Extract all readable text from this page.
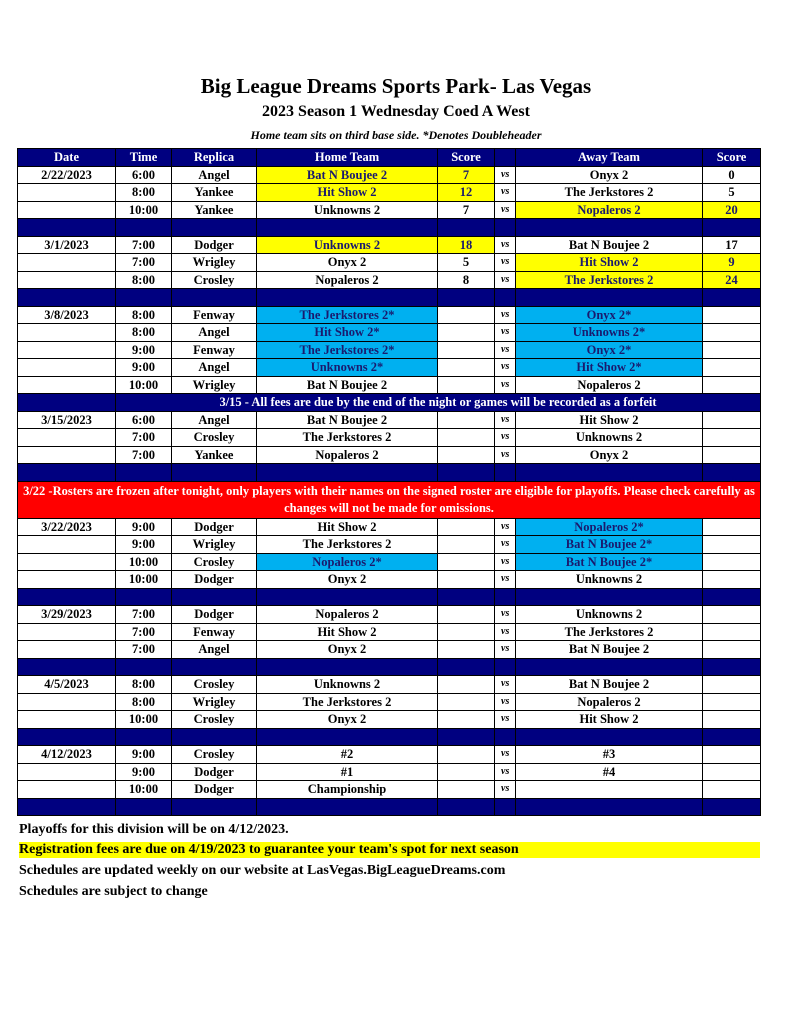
Big League Dreams Sports Park- Las Vegas
2023 Season 1 Wednesday Coed A West
Home team sits on third base side. *Denotes Doubleheader
Date	Time	Replica	Home Team	Score		Away Team	Score
2/22/2023	6:00	Angel	Bat N Boujee 2	7	vs	Onyx 2	0
	8:00	Yankee	Hit Show 2	12	vs	The Jerkstores 2	5
	10:00	Yankee	Unknowns 2	7	vs	Nopaleros 2	20

3/1/2023	7:00	Dodger	Unknowns 2	18	vs	Bat N Boujee 2	17
	7:00	Wrigley	Onyx 2	5	vs	Hit Show 2	9
	8:00	Crosley	Nopaleros 2	8	vs	The Jerkstores 2	24

3/8/2023	8:00	Fenway	The Jerkstores 2*		vs	Onyx 2*	
	8:00	Angel	Hit Show 2*		vs	Unknowns 2*	
	9:00	Fenway	The Jerkstores 2*		vs	Onyx 2*	
	9:00	Angel	Unknowns 2*		vs	Hit Show 2*	
	10:00	Wrigley	Bat N Boujee 2		vs	Nopaleros 2	
	3/15 - All fees are due by the end of the night or games will be recorded as a forfeit						
3/15/2023	6:00	Angel	Bat N Boujee 2		vs	Hit Show 2	
	7:00	Crosley	The Jerkstores 2		vs	Unknowns 2	
	7:00	Yankee	Nopaleros 2		vs	Onyx 2	

3/22 -Rosters are frozen after tonight, only players with their names on the signed roster are eligible for playoffs. Please check carefully as changes will not be made for omissions.							
3/22/2023	9:00	Dodger	Hit Show 2		vs	Nopaleros 2*	
	9:00	Wrigley	The Jerkstores 2		vs	Bat N Boujee 2*	
	10:00	Crosley	Nopaleros 2*		vs	Bat N Boujee 2*	
	10:00	Dodger	Onyx 2		vs	Unknowns 2	

3/29/2023	7:00	Dodger	Nopaleros 2		vs	Unknowns 2	
	7:00	Fenway	Hit Show 2		vs	The Jerkstores 2	
	7:00	Angel	Onyx 2		vs	Bat N Boujee 2	

4/5/2023	8:00	Crosley	Unknowns 2		vs	Bat N Boujee 2	
	8:00	Wrigley	The Jerkstores 2		vs	Nopaleros 2	
	10:00	Crosley	Onyx 2		vs	Hit Show 2	

4/12/2023	9:00	Crosley	#2		vs	#3	
	9:00	Dodger	#1		vs	#4	
	10:00	Dodger	Championship		vs		

Playoffs for this division will be on 4/12/2023.
Registration fees are due on 4/19/2023 to guarantee your team's spot for next season
Schedules are updated weekly on our website at LasVegas.BigLeagueDreams.com
Schedules are subject to change
